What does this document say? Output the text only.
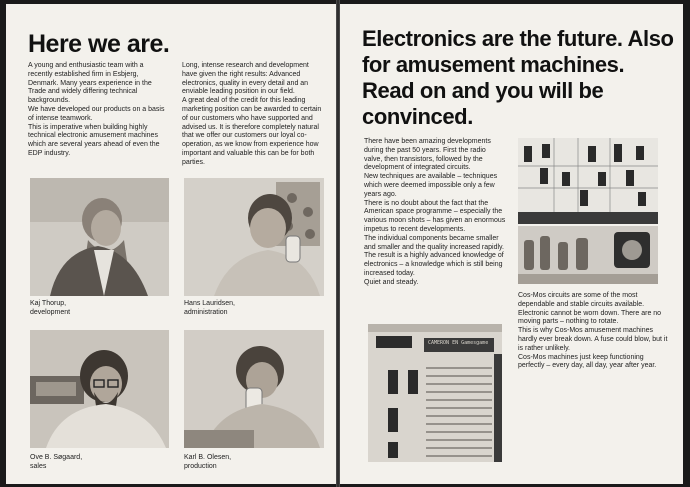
Here we are.

A young and enthusiastic team with a recently established firm in Esbjerg, Denmark. Many years experience in the Trade and widely differing technical backgrounds.

We have developed our products on a basis of intense teamwork.

This is imperative when building highly technical electronic amusement machines which are several years ahead of even the EDP industry.

Long, intense research and development have given the right results: Advanced electronics, quality in every detail and an enviable leading position in our field.

A great deal of the credit for this leading marketing position can be awarded to certain of our customers who have supported and advised us. It is therefore completely natural that we offer our customers our loyal co-operation, as we know from experience how important and valuable this can be for both parties.

Kaj Thorup,
development
Hans Lauridsen,
administration
Ove B. Søgaard,
sales
Karl B. Olesen,
production
Electronics are the future. Also for amusement machines. Read on and you will be convinced.

There have been amazing developments during the past 50 years. First the radio valve, then transistors, followed by the development of integrated circuits.

New techniques are available – techniques which were deemed impossible only a few years ago.

There is no doubt about the fact that the American space programme – especially the various moon shots – has given an enormous impetus to recent developments.

The individual components became smaller and smaller and the quality increased rapidly. The result is a highly advanced knowledge of electronics – a knowledge which is still being increased today.

Quiet and steady.

Cos-Mos circuits are some of the most dependable and stable circuits available.

Electronic cannot be worn down. There are no moving parts – nothing to rotate.

This is why Cos-Mos amusement machines hardly ever break down. A fuse could blow, but it is rather unlikely.

Cos-Mos machines just keep functioning perfectly – every day, all day, year after year.

CAMERON EN Gamesgame
